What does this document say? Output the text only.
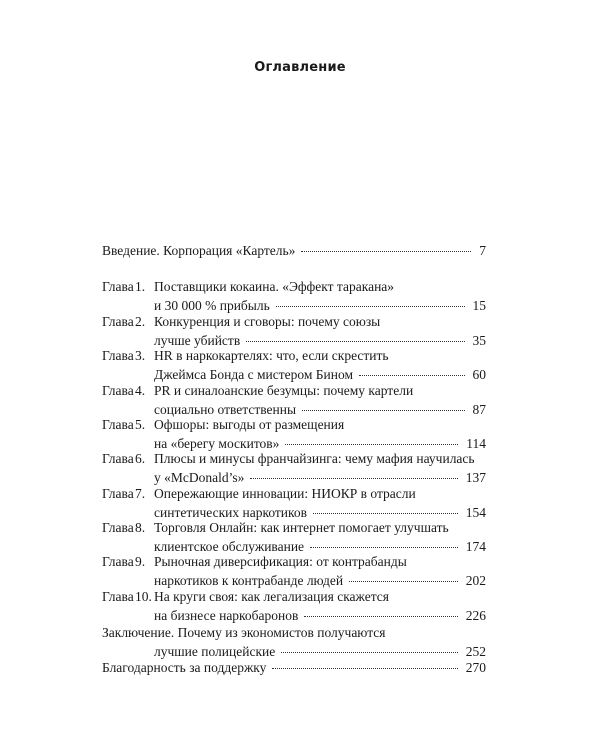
Оглавление
Введение. Корпорация «Картель»	7
Глава 1. Поставщики кокаина. «Эффект таракана»
и 30 000 % прибыль	15
Глава 2. Конкуренция и сговоры: почему союзы
лучше убийств	35
Глава 3. HR в наркокартелях: что, если скрестить
Джеймса Бонда с мистером Бином	60
Глава 4. PR и синалоанские безумцы: почему картели
социально ответственны	87
Глава 5. Офшоры: выгоды от размещения
на «берегу москитов»	114
Глава 6. Плюсы и минусы франчайзинга: чему мафия научилась
у «McDonald’s»	137
Глава 7. Опережающие инновации: НИОКР в отрасли
синтетических наркотиков	154
Глава 8. Торговля Онлайн: как интернет помогает улучшать
клиентское обслуживание	174
Глава 9. Рыночная диверсификация: от контрабанды
наркотиков к контрабанде людей	202
Глава 10. На круги своя: как легализация скажется
на бизнесе наркобаронов	226
Заключение. Почему из экономистов получаются
лучшие полицейские	252
Благодарность за поддержку	270
